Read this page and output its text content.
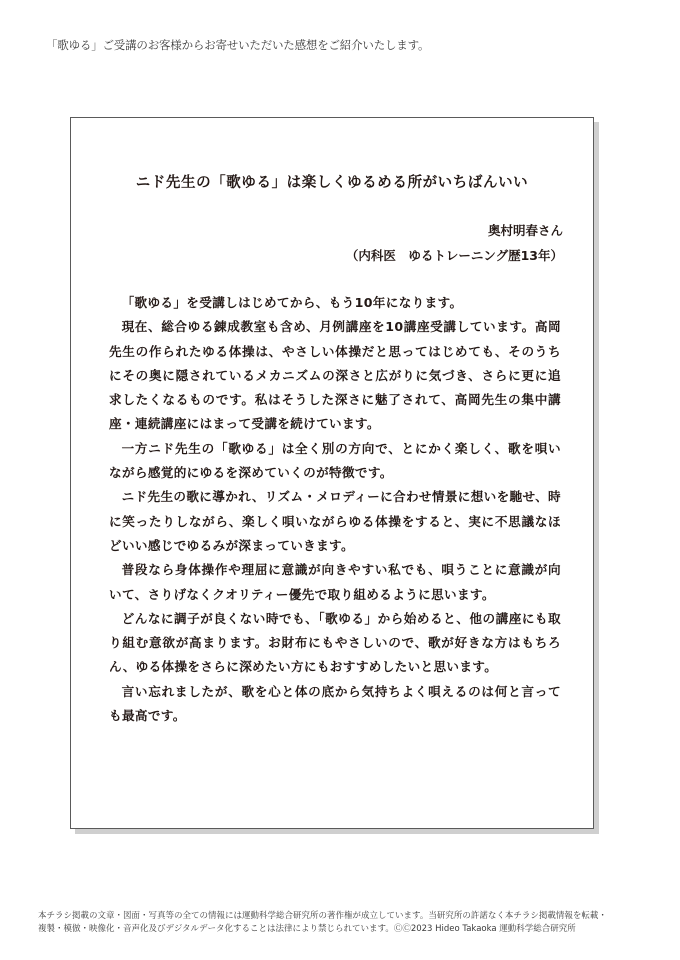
「歌ゆる」ご受講のお客様からお寄せいただいた感想をご紹介いたします。

ニド先生の「歌ゆる」は楽しくゆるめる所がいちばんいい

奥村明春さん

（内科医　ゆるトレーニング歴13年）

「歌ゆる」を受講しはじめてから、もう10年になります。

現在、総合ゆる錬成教室も含め、月例講座を10講座受講しています。高岡先生の作られたゆる体操は、やさしい体操だと思ってはじめても、そのうちにその奥に隠されているメカニズムの深さと広がりに気づき、さらに更に追求したくなるものです。私はそうした深さに魅了されて、高岡先生の集中講座・連続講座にはまって受講を続けています。

一方ニド先生の「歌ゆる」は全く別の方向で、とにかく楽しく、歌を唄いながら感覚的にゆるを深めていくのが特徴です。

ニド先生の歌に導かれ、リズム・メロディーに合わせ情景に想いを馳せ、時に笑ったりしながら、楽しく唄いながらゆる体操をすると、実に不思議なほどいい感じでゆるみが深まっていきます。

普段なら身体操作や理屈に意識が向きやすい私でも、唄うことに意識が向いて、さりげなくクオリティー優先で取り組めるように思います。

どんなに調子が良くない時でも、「歌ゆる」から始めると、他の講座にも取り組む意欲が高まります。お財布にもやさしいので、歌が好きな方はもちろん、ゆる体操をさらに深めたい方にもおすすめしたいと思います。

言い忘れましたが、歌を心と体の底から気持ちよく唄えるのは何と言っても最高です。

本チラシ掲載の文章・図面・写真等の全ての情報には運動科学総合研究所の著作権が成立しています。当研究所の許諾なく本チラシ掲載情報を転載・

複製・模倣・映像化・音声化及びデジタルデータ化することは法律により禁じられています。ⒸⒸ2023 Hideo Takaoka 運動科学総合研究所
